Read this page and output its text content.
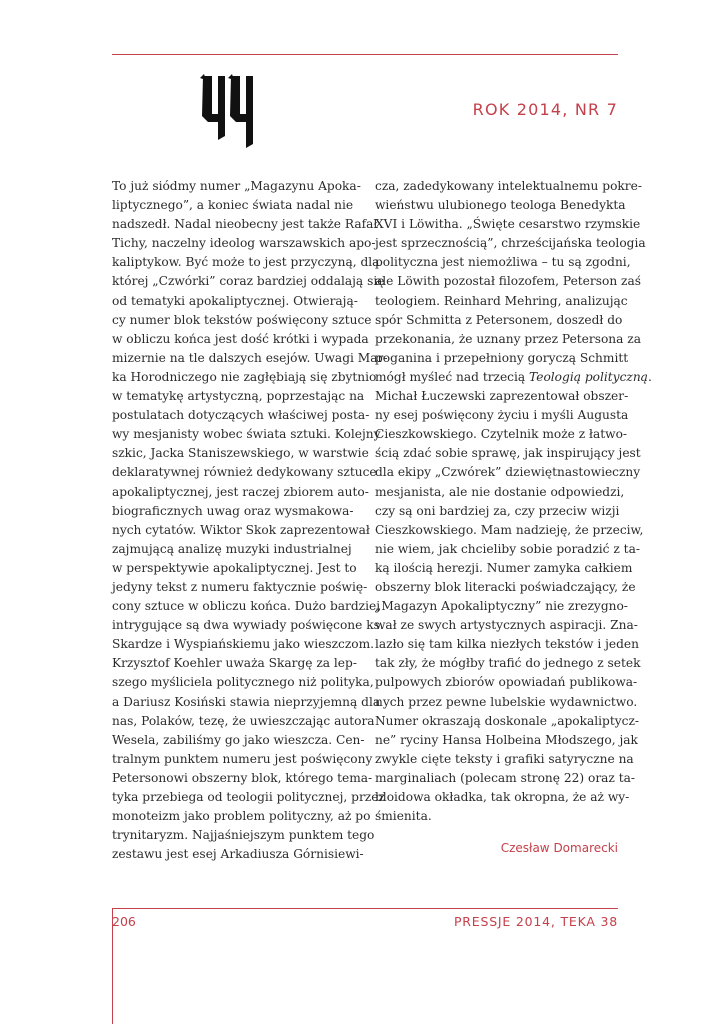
ROK 2014, NR 7
To już siódmy numer „Magazynu Apoka-
liptycznego”, a koniec świata nadal nie
nadszedł. Nadal nieobecny jest także Rafał
Tichy, naczelny ideolog warszawskich apo-
kaliptykow. Być może to jest przyczyną, dla
której „Czwórki” coraz bardziej oddalają się
od tematyki apokaliptycznej. Otwierają-
cy numer blok tekstów poświęcony sztuce
w obliczu końca jest dość krótki i wypada
mizernie na tle dalszych esejów. Uwagi Mar-
ka Horodniczego nie zagłębiają się zbytnio
w tematykę artystyczną, poprzestając na
postulatach dotyczących właściwej posta-
wy mesjanisty wobec świata sztuki. Kolejny
szkic, Jacka Staniszewskiego, w warstwie
deklaratywnej również dedykowany sztuce
apokaliptycznej, jest raczej zbiorem auto-
biograficznych uwag oraz wysmakowa-
nych cytatów. Wiktor Skok zaprezentował
zajmującą analizę muzyki industrialnej
w perspektywie apokaliptycznej. Jest to
jedyny tekst z numeru faktycznie poświę-
cony sztuce w obliczu końca. Dużo bardziej
intrygujące są dwa wywiady poświęcone ks.
Skardze i Wyspiańskiemu jako wieszczom.
Krzysztof Koehler uważa Skargę za lep-
szego myśliciela politycznego niż polityka,
a Dariusz Kosiński stawia nieprzyjemną dla
nas, Polaków, tezę, że uwieszczając autora
Wesela, zabiliśmy go jako wieszcza. Cen-
tralnym punktem numeru jest poświęcony
Petersonowi obszerny blok, którego tema-
tyka przebiega od teologii politycznej, przez
monoteizm jako problem polityczny, aż po
trynitaryzm. Najjaśniejszym punktem tego
zestawu jest esej Arkadiusza Górnisiewi-
cza, zadedykowany intelektualnemu pokre-
wieństwu ulubionego teologa Benedykta
XVI i Löwitha. „Święte cesarstwo rzymskie
jest sprzecznością”, chrześcijańska teologia
polityczna jest niemożliwa – tu są zgodni,
ale Löwith pozostał filozofem, Peterson zaś
teologiem. Reinhard Mehring, analizując
spór Schmitta z Petersonem, doszedł do
przekonania, że uznany przez Petersona za
poganina i przepełniony goryczą Schmitt
mógł myśleć nad trzecią Teologią polityczną.
Michał Łuczewski zaprezentował obszer-
ny esej poświęcony życiu i myśli Augusta
Cieszkowskiego. Czytelnik może z łatwo-
ścią zdać sobie sprawę, jak inspirujący jest
dla ekipy „Czwórek” dziewiętnastowieczny
mesjanista, ale nie dostanie odpowiedzi,
czy są oni bardziej za, czy przeciw wizji
Cieszkowskiego. Mam nadzieję, że przeciw,
nie wiem, jak chcieliby sobie poradzić z ta-
ką ilością herezji. Numer zamyka całkiem
obszerny blok literacki poświadczający, że
„Magazyn Apokaliptyczny” nie zrezygno-
wał ze swych artystycznych aspiracji. Zna-
lazło się tam kilka niezłych tekstów i jeden
tak zły, że mógłby trafić do jednego z setek
pulpowych zbiorów opowiadań publikowa-
nych przez pewne lubelskie wydawnictwo.
Numer okraszają doskonale „apokaliptycz-
ne” ryciny Hansa Holbeina Młodszego, jak
zwykle cięte teksty i grafiki satyryczne na
marginaliach (polecam stronę 22) oraz ta-
bloidowa okładka, tak okropna, że aż wy-
śmienita.
Czesław Domarecki
206	PRESSJE 2014, TEKA 38
